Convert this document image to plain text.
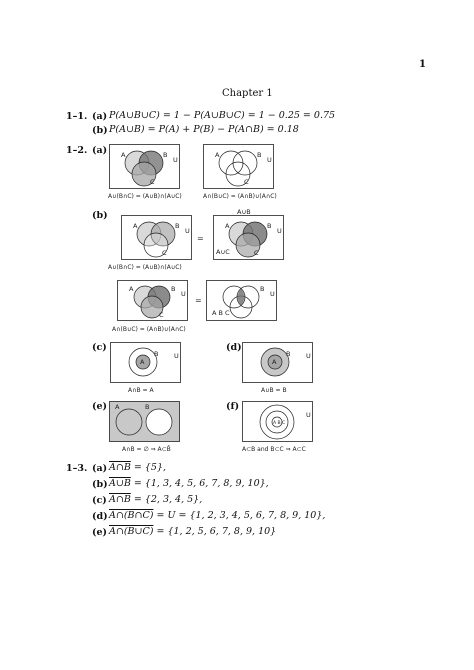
1
Chapter 1
1–1. (a) P(A∪B∪C) = 1 − P(A∪B∪C) = 1 − 0.25 = 0.75
(b) P(A∪B) = P(A) + P(B) − P(A∩B) = 0.18
1–2. (a) A	B
C
U
A∪(B∩C) = (A∪B)∩(A∪C)
A	B
C
U
A∩(B∪C) = (A∩B)∪(A∩C)
(b)
A	B
C
U
=
A∪B
A∪C
A	B
C
U
A∪(B∩C) = (A∪B)∩(A∪C)
A	B
C
U
=
A B C
B
U
A∩(B∪C) = (A∩B)∪(A∩C)
(c)
A
B U
A∩B = A
(d)
A
B U
A∪B = B
(e) A	B
A∩B = ∅ ⇒ A⊂B̄
(f)
A B C
U
A⊂B and B⊂C ⇒ A⊂C
1–3. (a) A∩B = {5},
(b) A∪B = {1, 3, 4, 5, 6, 7, 8, 9, 10},
(c) A∩B = {2, 3, 4, 5},
(d) A∩(B∩C) = U = {1, 2, 3, 4, 5, 6, 7, 8, 9, 10},
(e) A∩(B∪C) = {1, 2, 5, 6, 7, 8, 9, 10}
